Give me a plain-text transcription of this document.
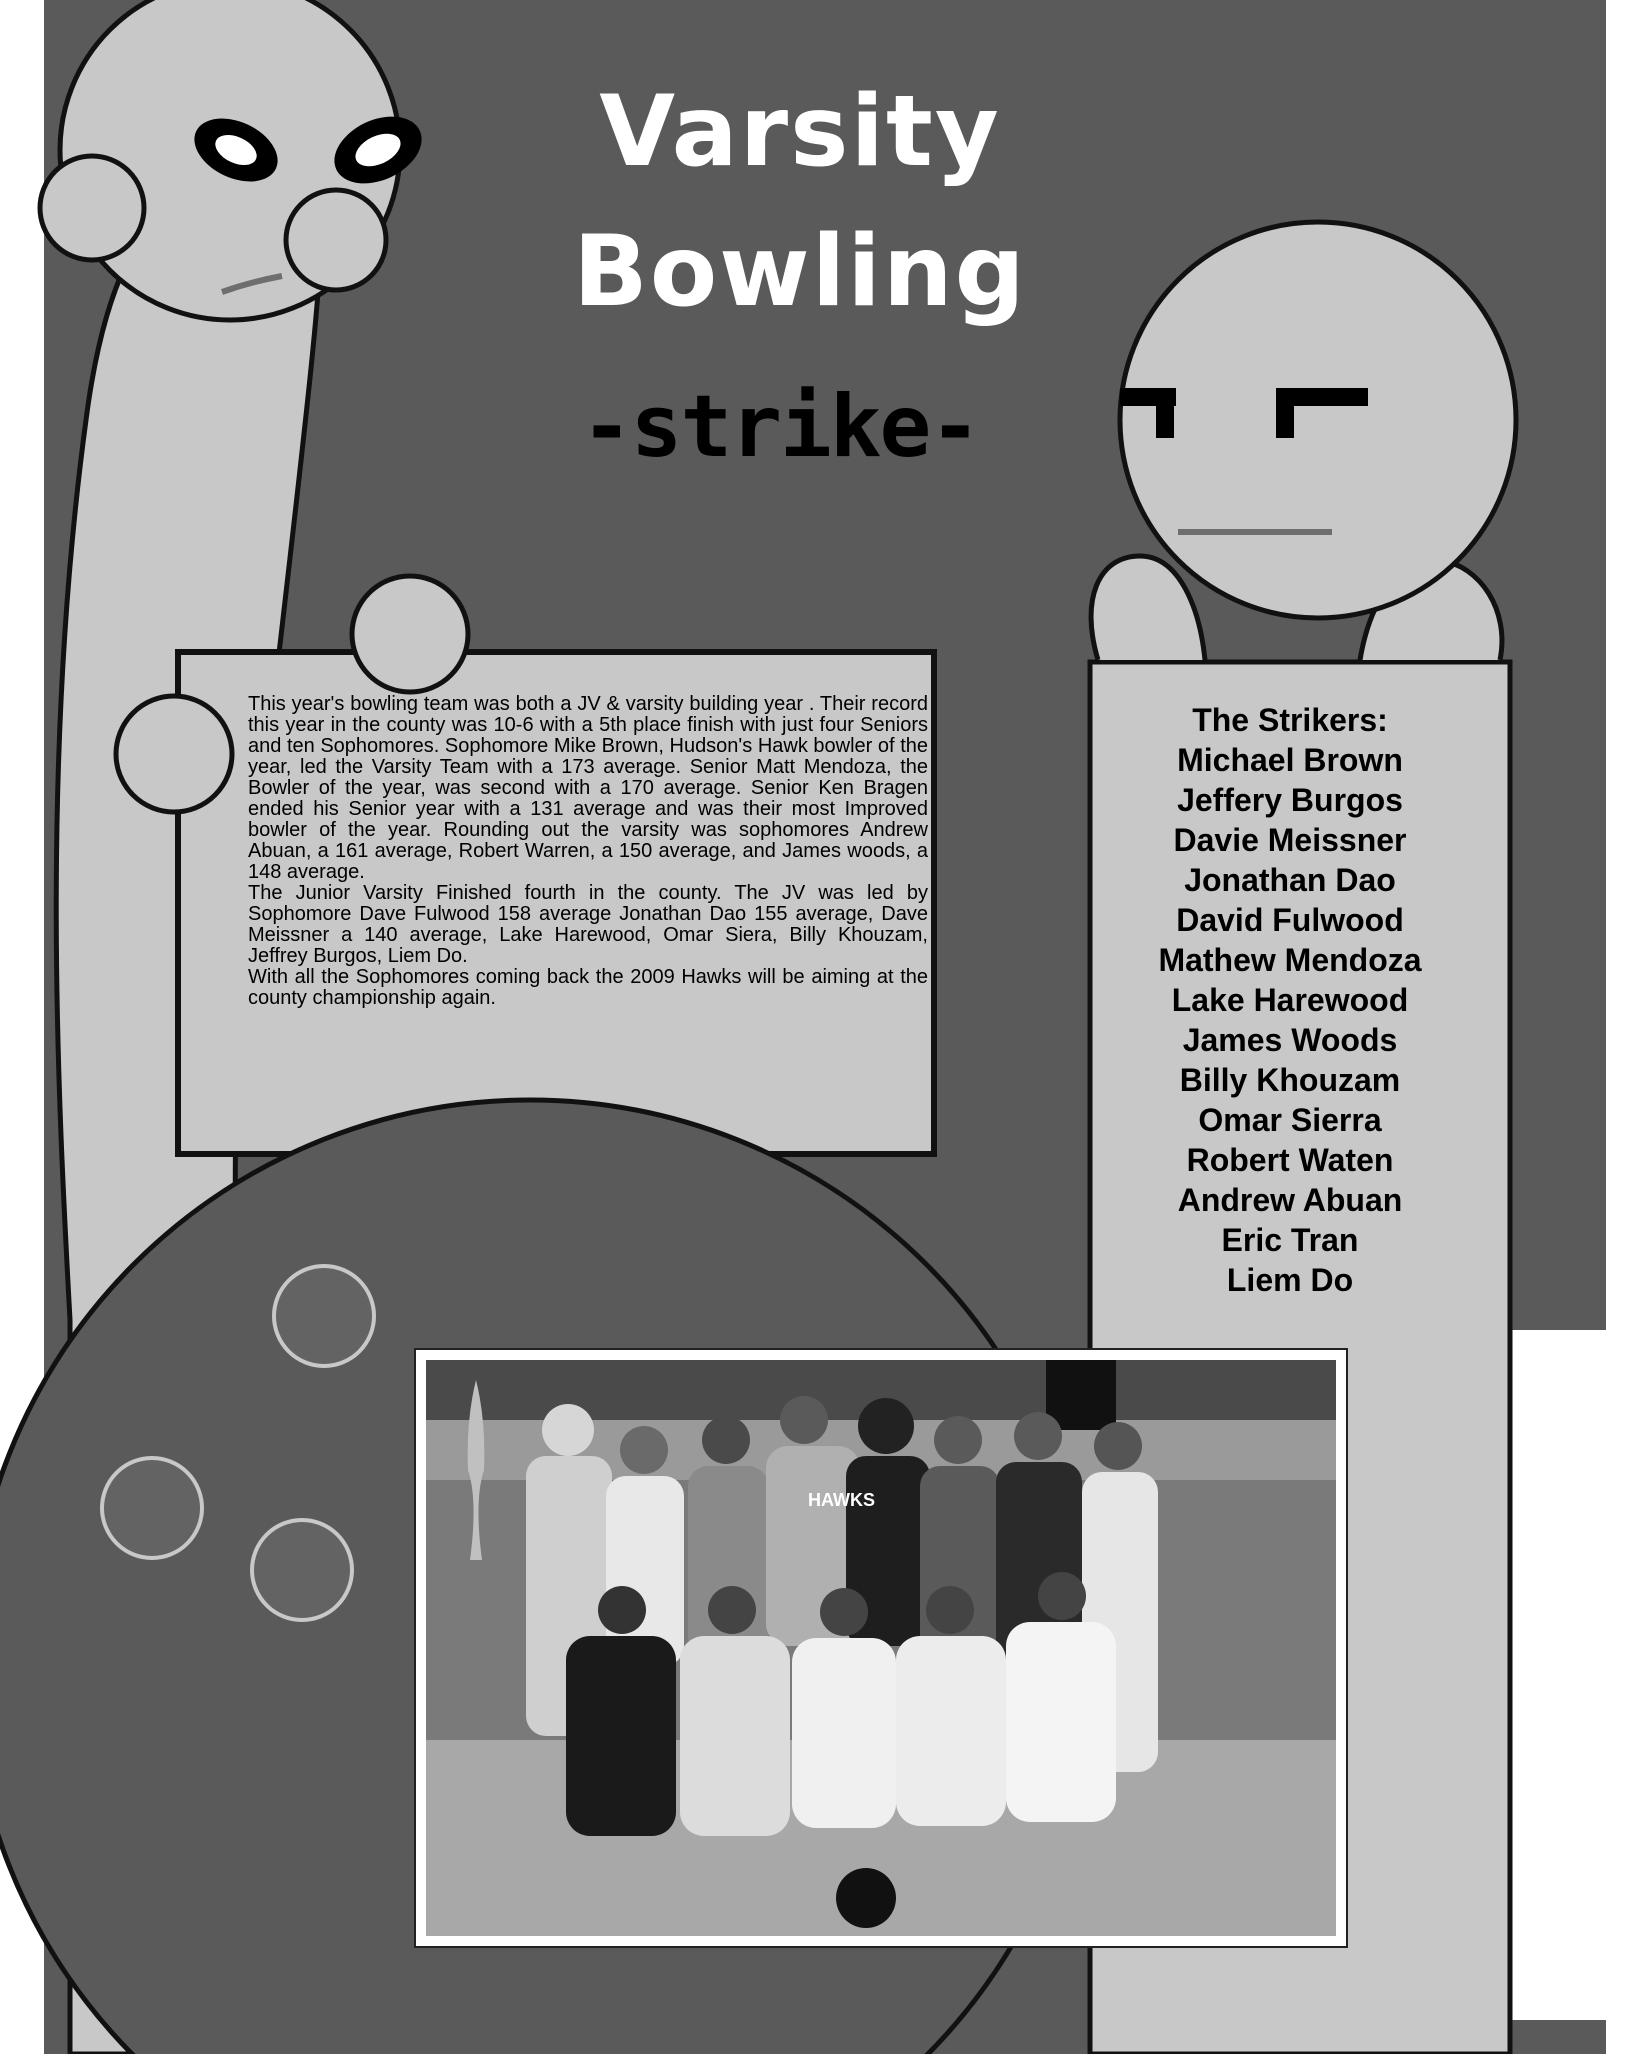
Varsity
Bowling
-strike-

This year's bowling team was both a JV & varsity building year . Their record this year in the county was 10-6 with a 5th place finish with just four Seniors and ten Sophomores. Sophomore Mike Brown, Hudson's Hawk bowler of the year, led the Varsity Team with a 173 average. Senior Matt Mendoza, the Bowler of the year, was second with a 170 average. Senior Ken Bragen ended his Senior year with a 131 average and was their most Improved bowler of the year. Rounding out the varsity was sophomores Andrew Abuan, a 161 average, Robert Warren, a 150 average, and James woods, a 148 average.

The Junior Varsity Finished fourth in the county. The JV was led by Sophomore Dave Fulwood 158 average Jonathan Dao 155 average, Dave Meissner a 140 average, Lake Harewood, Omar Siera, Billy Khouzam, Jeffrey Burgos, Liem Do.

With all the Sophomores coming back the 2009 Hawks will be aiming at the county championship again.

The Strikers:
Michael Brown
Jeffery Burgos
Davie Meissner
Jonathan Dao
David Fulwood
Mathew Mendoza
Lake Harewood
James Woods
Billy Khouzam
Omar Sierra
Robert Waten
Andrew Abuan
Eric Tran
Liem Do
HAWKS
